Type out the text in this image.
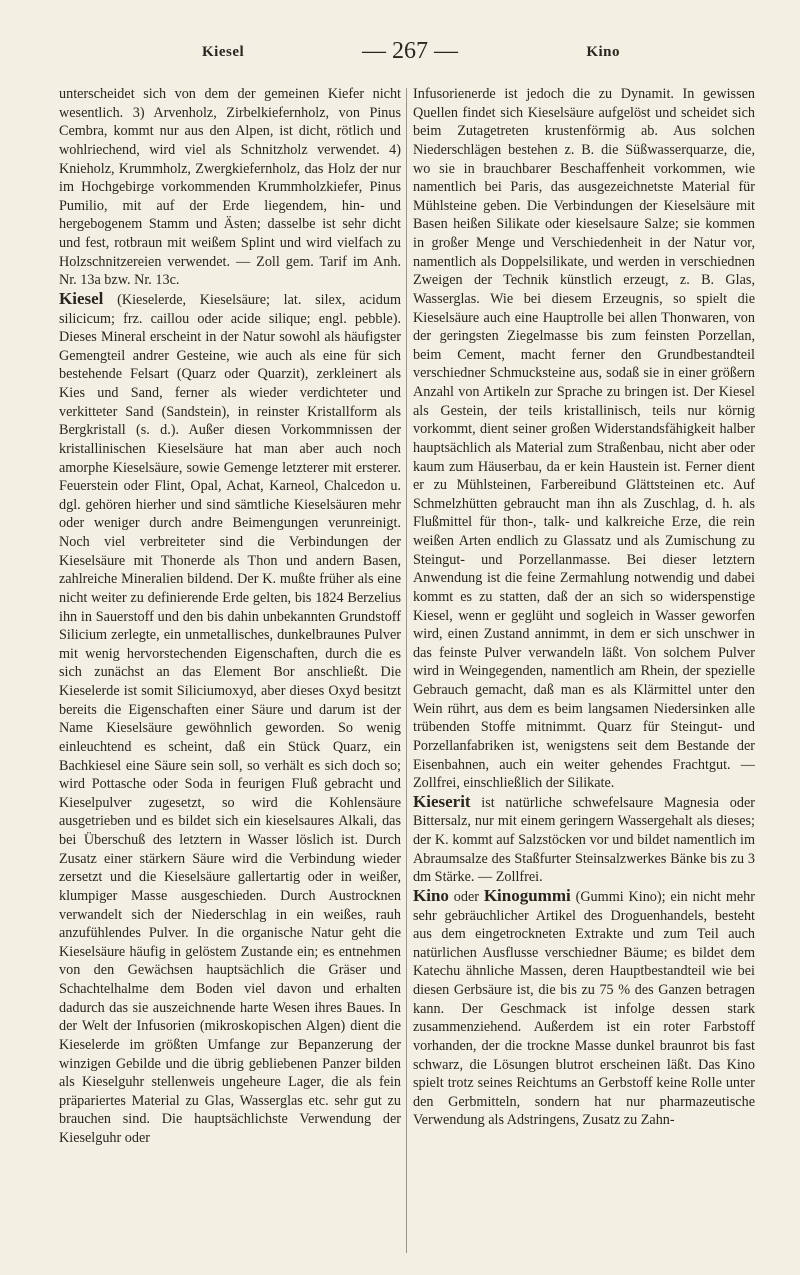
Kiesel	— 267 —	Kino

unterscheidet sich von dem der gemeinen Kiefer nicht wesentlich. 3) Arvenholz, Zirbelkiefernholz, von Pinus Cembra, kommt nur aus den Alpen, ist dicht, rötlich und wohlriechend, wird viel als Schnitzholz verwendet. 4) Knieholz, Krummholz, Zwergkiefernholz, das Holz der nur im Hochgebirge vorkommenden Krummholzkiefer, Pinus Pumilio, mit auf der Erde liegendem, hin- und hergebogenem Stamm und Ästen; dasselbe ist sehr dicht und fest, rotbraun mit weißem Splint und wird vielfach zu Holzschnitzereien verwendet. — Zoll gem. Tarif im Anh. Nr. 13a bzw. Nr. 13c.

Kiesel (Kieselerde, Kieselsäure; lat. silex, acidum silicicum; frz. caillou oder acide silique; engl. pebble). Dieses Mineral erscheint in der Natur sowohl als häufigster Gemengteil andrer Gesteine, wie auch als eine für sich bestehende Felsart (Quarz oder Quarzit), zerkleinert als Kies und Sand, ferner als wieder verdichteter und verkitteter Sand (Sandstein), in reinster Kristallform als Bergkristall (s. d.). Außer diesen Vorkommnissen der kristallinischen Kieselsäure hat man aber auch noch amorphe Kieselsäure, sowie Gemenge letzterer mit ersterer. Feuerstein oder Flint, Opal, Achat, Karneol, Chalcedon u. dgl. gehören hierher und sind sämtliche Kieselsäuren mehr oder weniger durch andre Beimengungen verunreinigt. Noch viel verbreiteter sind die Verbindungen der Kieselsäure mit Thonerde als Thon und andern Basen, zahlreiche Mineralien bildend. Der K. mußte früher als eine nicht weiter zu definierende Erde gelten, bis 1824 Berzelius ihn in Sauerstoff und den bis dahin unbekannten Grundstoff Silicium zerlegte, ein unmetallisches, dunkelbraunes Pulver mit wenig hervorstechenden Eigenschaften, durch die es sich zunächst an das Element Bor anschließt. Die Kieselerde ist somit Siliciumoxyd, aber dieses Oxyd besitzt bereits die Eigenschaften einer Säure und darum ist der Name Kieselsäure gewöhnlich geworden. So wenig einleuchtend es scheint, daß ein Stück Quarz, ein Bachkiesel eine Säure sein soll, so verhält es sich doch so; wird Pottasche oder Soda in feurigen Fluß gebracht und Kieselpulver zugesetzt, so wird die Kohlensäure ausgetrieben und es bildet sich ein kieselsaures Alkali, das bei Überschuß des letztern in Wasser löslich ist. Durch Zusatz einer stärkern Säure wird die Verbindung wieder zersetzt und die Kieselsäure gallertartig oder in weißer, klumpiger Masse ausgeschieden. Durch Austrocknen verwandelt sich der Niederschlag in ein weißes, rauh anzufühlendes Pulver. In die organische Natur geht die Kieselsäure häufig in gelöstem Zustande ein; es entnehmen von den Gewächsen hauptsächlich die Gräser und Schachtelhalme dem Boden viel davon und erhalten dadurch das sie auszeichnende harte Wesen ihres Baues. In der Welt der Infusorien (mikroskopischen Algen) dient die Kieselerde im größten Umfange zur Bepanzerung der winzigen Gebilde und die übrig gebliebenen Panzer bilden als Kieselguhr stellenweis ungeheure Lager, die als fein präpariertes Material zu Glas, Wasserglas etc. sehr gut zu brauchen sind. Die hauptsächlichste Verwendung der Kieselguhr oder

Infusorienerde ist jedoch die zu Dynamit. In gewissen Quellen findet sich Kieselsäure aufgelöst und scheidet sich beim Zutagetreten krustenförmig ab. Aus solchen Niederschlägen bestehen z. B. die Süßwasserquarze, die, wo sie in brauchbarer Beschaffenheit vorkommen, wie namentlich bei Paris, das ausgezeichnetste Material für Mühlsteine geben. Die Verbindungen der Kieselsäure mit Basen heißen Silikate oder kieselsaure Salze; sie kommen in großer Menge und Verschiedenheit in der Natur vor, namentlich als Doppelsilikate, und werden in verschiednen Zweigen der Technik künstlich erzeugt, z. B. Glas, Wasserglas. Wie bei diesem Erzeugnis, so spielt die Kieselsäure auch eine Hauptrolle bei allen Thonwaren, von der geringsten Ziegelmasse bis zum feinsten Porzellan, beim Cement, macht ferner den Grundbestandteil verschiedner Schmucksteine aus, sodaß sie in einer größern Anzahl von Artikeln zur Sprache zu bringen ist. Der Kiesel als Gestein, der teils kristallinisch, teils nur körnig vorkommt, dient seiner großen Widerstandsfähigkeit halber hauptsächlich als Material zum Straßenbau, nicht aber oder kaum zum Häuserbau, da er kein Haustein ist. Ferner dient er zu Mühlsteinen, Farbereibund Glättsteinen etc. Auf Schmelzhütten gebraucht man ihn als Zuschlag, d. h. als Flußmittel für thon-, talk- und kalkreiche Erze, die rein weißen Arten endlich zu Glassatz und als Zumischung zu Steingut- und Porzellanmasse. Bei dieser letztern Anwendung ist die feine Zermahlung notwendig und dabei kommt es zu statten, daß der an sich so widerspenstige Kiesel, wenn er geglüht und sogleich in Wasser geworfen wird, einen Zustand annimmt, in dem er sich unschwer in das feinste Pulver verwandeln läßt. Von solchem Pulver wird in Weingegenden, namentlich am Rhein, der spezielle Gebrauch gemacht, daß man es als Klärmittel unter den Wein rührt, aus dem es beim langsamen Niedersinken alle trübenden Stoffe mitnimmt. Quarz für Steingut- und Porzellanfabriken ist, wenigstens seit dem Bestande der Eisenbahnen, auch ein weiter gehendes Frachtgut. — Zollfrei, einschließlich der Silikate.

Kieserit ist natürliche schwefelsaure Magnesia oder Bittersalz, nur mit einem geringern Wassergehalt als dieses; der K. kommt auf Salzstöcken vor und bildet namentlich im Abraumsalze des Staßfurter Steinsalzwerkes Bänke bis zu 3 dm Stärke. — Zollfrei.

Kino oder Kinogummi (Gummi Kino); ein nicht mehr sehr gebräuchlicher Artikel des Droguenhandels, besteht aus dem eingetrockneten Extrakte und zum Teil auch natürlichen Ausflusse verschiedner Bäume; es bildet dem Katechu ähnliche Massen, deren Hauptbestandteil wie bei diesen Gerbsäure ist, die bis zu 75 % des Ganzen betragen kann. Der Geschmack ist infolge dessen stark zusammenziehend. Außerdem ist ein roter Farbstoff vorhanden, der die trockne Masse dunkel braunrot bis fast schwarz, die Lösungen blutrot erscheinen läßt. Das Kino spielt trotz seines Reichtums an Gerbstoff keine Rolle unter den Gerbmitteln, sondern hat nur pharmazeutische Verwendung als Adstringens, Zusatz zu Zahn-
